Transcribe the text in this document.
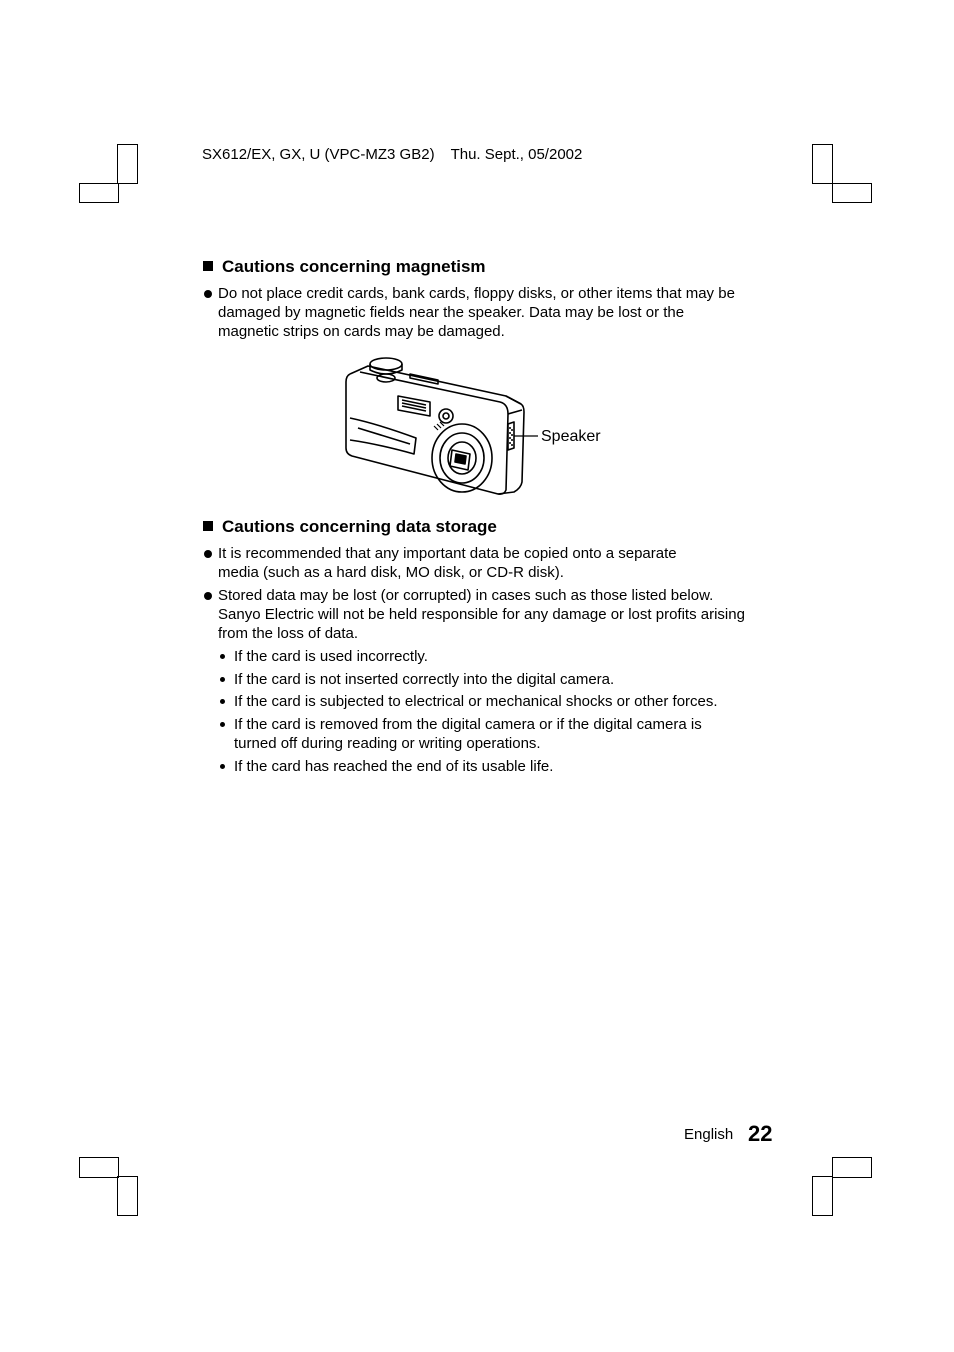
SX612/EX, GX, U (VPC-MZ3 GB2) Thu. Sept., 05/2002
Cautions concerning magnetism
Do not place credit cards, bank cards, floppy disks, or other items that may be damaged by magnetic fields near the speaker. Data may be lost or the magnetic strips on cards may be damaged.
Speaker
Cautions concerning data storage
It is recommended that any important data be copied onto a separate media (such as a hard disk, MO disk, or CD-R disk).
Stored data may be lost (or corrupted) in cases such as those listed below. Sanyo Electric will not be held responsible for any damage or lost profits arising from the loss of data.
If the card is used incorrectly.
If the card is not inserted correctly into the digital camera.
If the card is subjected to electrical or mechanical shocks or other forces.
If the card is removed from the digital camera or if the digital camera is turned off during reading or writing operations.
If the card has reached the end of its usable life.
English 22
